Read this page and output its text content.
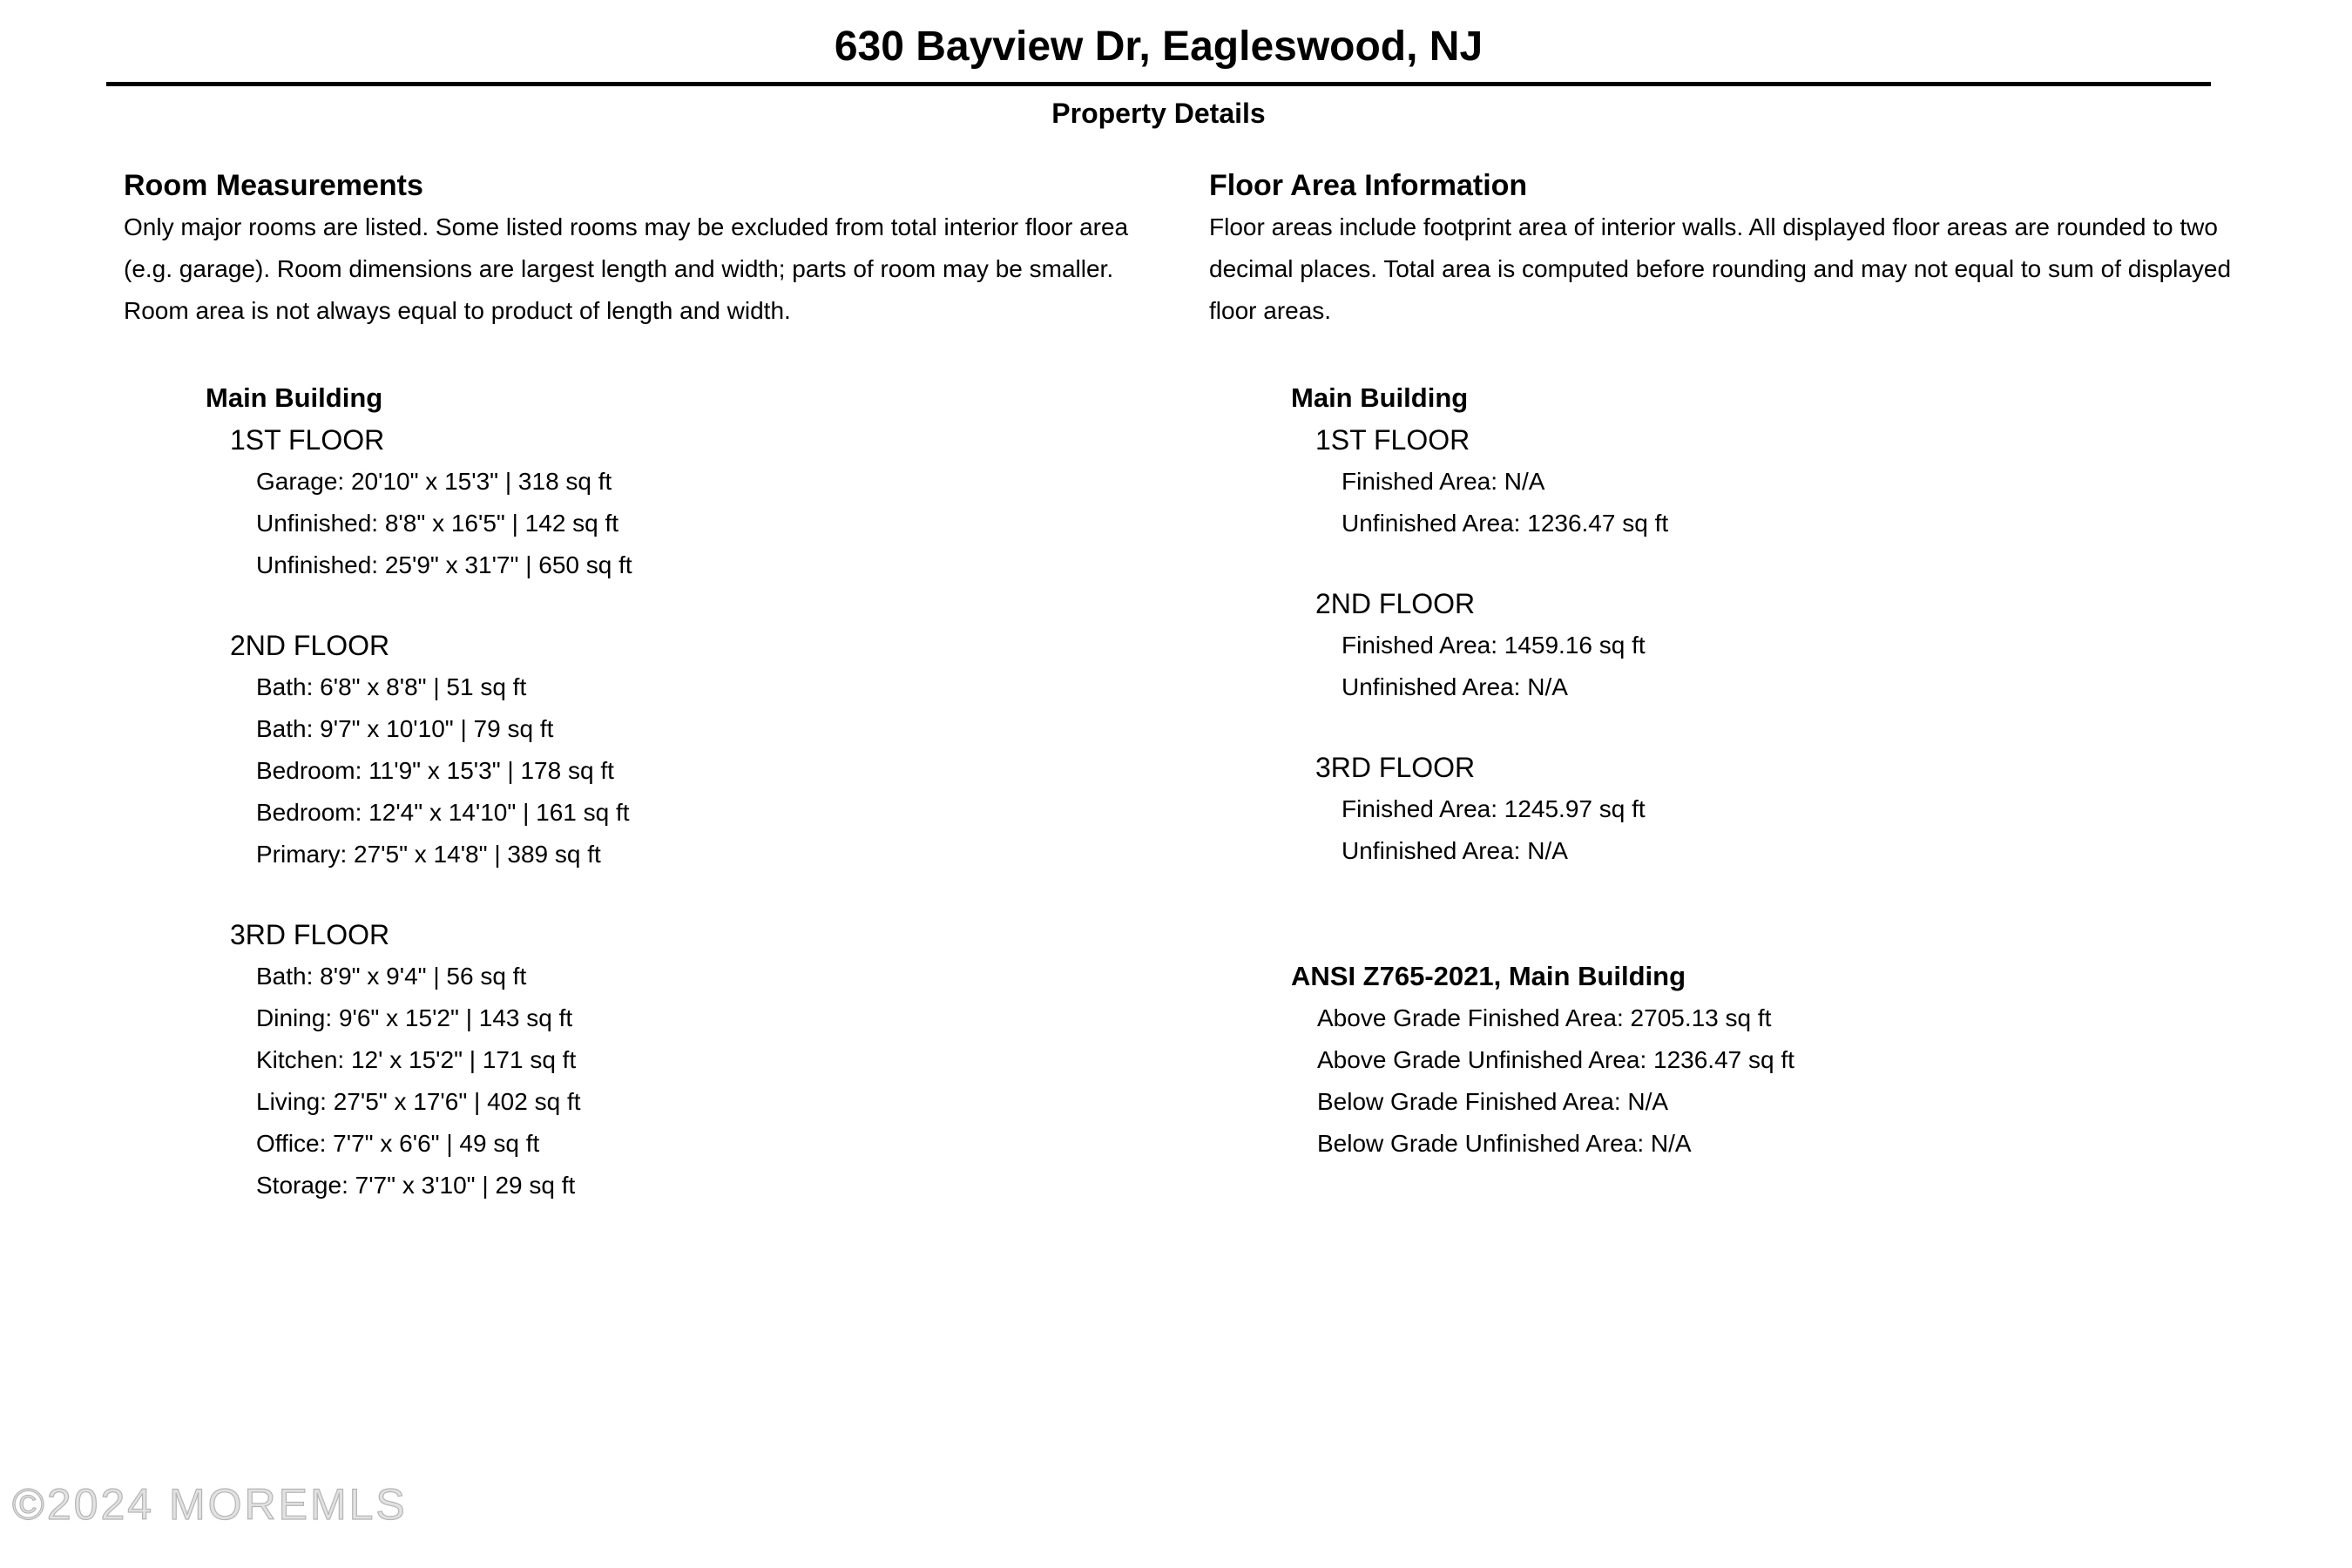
630 Bayview Dr, Eagleswood, NJ
Property Details
Room Measurements
Only major rooms are listed. Some listed rooms may be excluded from total interior floor area
(e.g. garage). Room dimensions are largest length and width; parts of room may be smaller.
Room area is not always equal to product of length and width.
Main Building
1ST FLOOR
Garage: 20'10" x 15'3" | 318 sq ft
Unfinished: 8'8" x 16'5" | 142 sq ft
Unfinished: 25'9" x 31'7" | 650 sq ft
2ND FLOOR
Bath: 6'8" x 8'8" | 51 sq ft
Bath: 9'7" x 10'10" | 79 sq ft
Bedroom: 11'9" x 15'3" | 178 sq ft
Bedroom: 12'4" x 14'10" | 161 sq ft
Primary: 27'5" x 14'8" | 389 sq ft
3RD FLOOR
Bath: 8'9" x 9'4" | 56 sq ft
Dining: 9'6" x 15'2" | 143 sq ft
Kitchen: 12' x 15'2" | 171 sq ft
Living: 27'5" x 17'6" | 402 sq ft
Office: 7'7" x 6'6" | 49 sq ft
Storage: 7'7" x 3'10" | 29 sq ft
Floor Area Information
Floor areas include footprint area of interior walls. All displayed floor areas are rounded to two
decimal places. Total area is computed before rounding and may not equal to sum of displayed
floor areas.
Main Building
1ST FLOOR
Finished Area: N/A
Unfinished Area: 1236.47 sq ft
2ND FLOOR
Finished Area: 1459.16 sq ft
Unfinished Area: N/A
3RD FLOOR
Finished Area: 1245.97 sq ft
Unfinished Area: N/A
ANSI Z765-2021, Main Building
Above Grade Finished Area: 2705.13 sq ft
Above Grade Unfinished Area: 1236.47 sq ft
Below Grade Finished Area: N/A
Below Grade Unfinished Area: N/A
©2024 MOREMLS
